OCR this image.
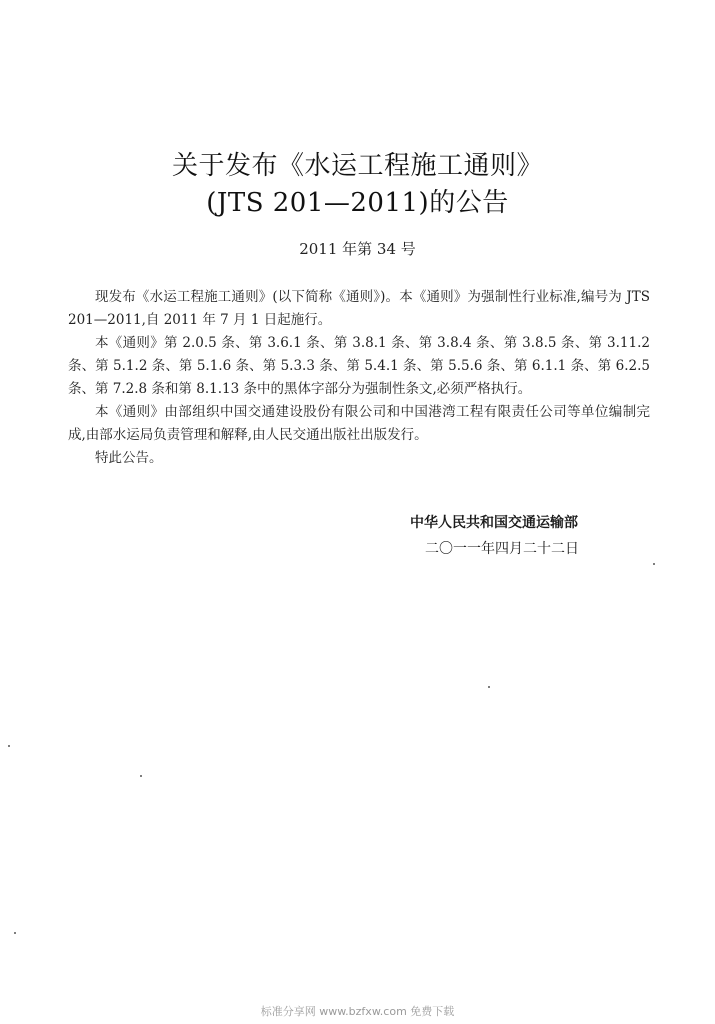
关于发布《水运工程施工通则》
(JTS 201—2011)的公告
2011 年第 34 号

现发布《水运工程施工通则》(以下简称《通则》)。本《通则》为强制性行业标准,编号为 JTS 201—2011,自 2011 年 7 月 1 日起施行。

本《通则》第 2.0.5 条、第 3.6.1 条、第 3.8.1 条、第 3.8.4 条、第 3.8.5 条、第 3.11.2 条、第 5.1.2 条、第 5.1.6 条、第 5.3.3 条、第 5.4.1 条、第 5.5.6 条、第 6.1.1 条、第 6.2.5 条、第 7.2.8 条和第 8.1.13 条中的黑体字部分为强制性条文,必须严格执行。

本《通则》由部组织中国交通建设股份有限公司和中国港湾工程有限责任公司等单位编制完成,由部水运局负责管理和解释,由人民交通出版社出版发行。

特此公告。

中华人民共和国交通运输部
二〇一一年四月二十二日
标准分享网 www.bzfxw.com 免费下载
